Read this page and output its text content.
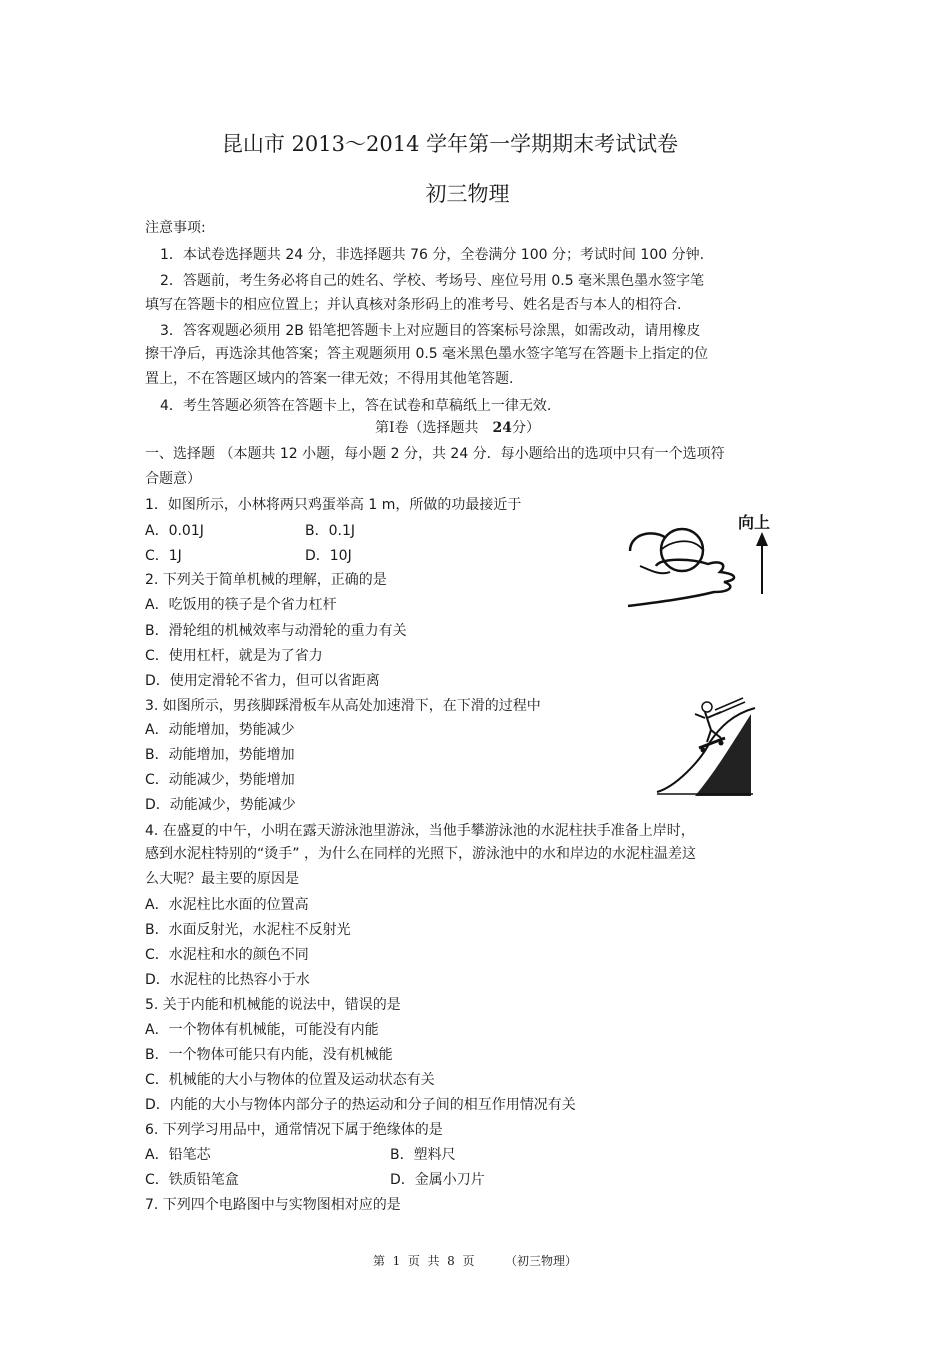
昆山市 2013～2014 学年第一学期期末考试试卷
初三物理
注意事项:
1．本试卷选择题共 24 分，非选择题共 76 分，全卷满分 100 分；考试时间 100 分钟.
2．答题前，考生务必将自己的姓名、学校、考场号、座位号用 0.5 毫米黑色墨水签字笔
填写在答题卡的相应位置上；并认真核对条形码上的准考号、姓名是否与本人的相符合.
3．答客观题必须用 2B 铅笔把答题卡上对应题目的答案标号涂黑，如需改动，请用橡皮
擦干净后，再选涂其他答案；答主观题须用 0.5 毫米黑色墨水签字笔写在答题卡上指定的位
置上，不在答题区域内的答案一律无效；不得用其他笔答题.
4．考生答题必须答在答题卡上，答在试卷和草稿纸上一律无效.
第Ⅰ卷（选择题共 24分）
一、选择题 （本题共 12 小题，每小题 2 分，共 24 分．每小题给出的选项中只有一个选项符
合题意）
1．如图所示，小林将两只鸡蛋举高 1 m，所做的功最接近于
A．0.01J	B．0.1J
C．1J	D．10J
向上
2. 下列关于简单机械的理解，正确的是
A．吃饭用的筷子是个省力杠杆
B．滑轮组的机械效率与动滑轮的重力有关
C．使用杠杆，就是为了省力
D．使用定滑轮不省力，但可以省距离
3. 如图所示，男孩脚踩滑板车从高处加速滑下，在下滑的过程中
A．动能增加，势能减少
B．动能增加，势能增加
C．动能减少，势能增加
D．动能减少，势能减少
4. 在盛夏的中午，小明在露天游泳池里游泳，当他手攀游泳池的水泥柱扶手准备上岸时，
感到水泥柱特别的“烫手” ，为什么在同样的光照下，游泳池中的水和岸边的水泥柱温差这
么大呢？最主要的原因是
A．水泥柱比水面的位置高
B．水面反射光，水泥柱不反射光
C．水泥柱和水的颜色不同
D．水泥柱的比热容小于水
5. 关于内能和机械能的说法中，错误的是
A．一个物体有机械能，可能没有内能
B．一个物体可能只有内能，没有机械能
C．机械能的大小与物体的位置及运动状态有关
D．内能的大小与物体内部分子的热运动和分子间的相互作用情况有关
6. 下列学习用品中，通常情况下属于绝缘体的是
A．铅笔芯	B．塑料尺
C．铁质铅笔盒	D．金属小刀片
7. 下列四个电路图中与实物图相对应的是
第  1  页  共  8  页        （初三物理）
